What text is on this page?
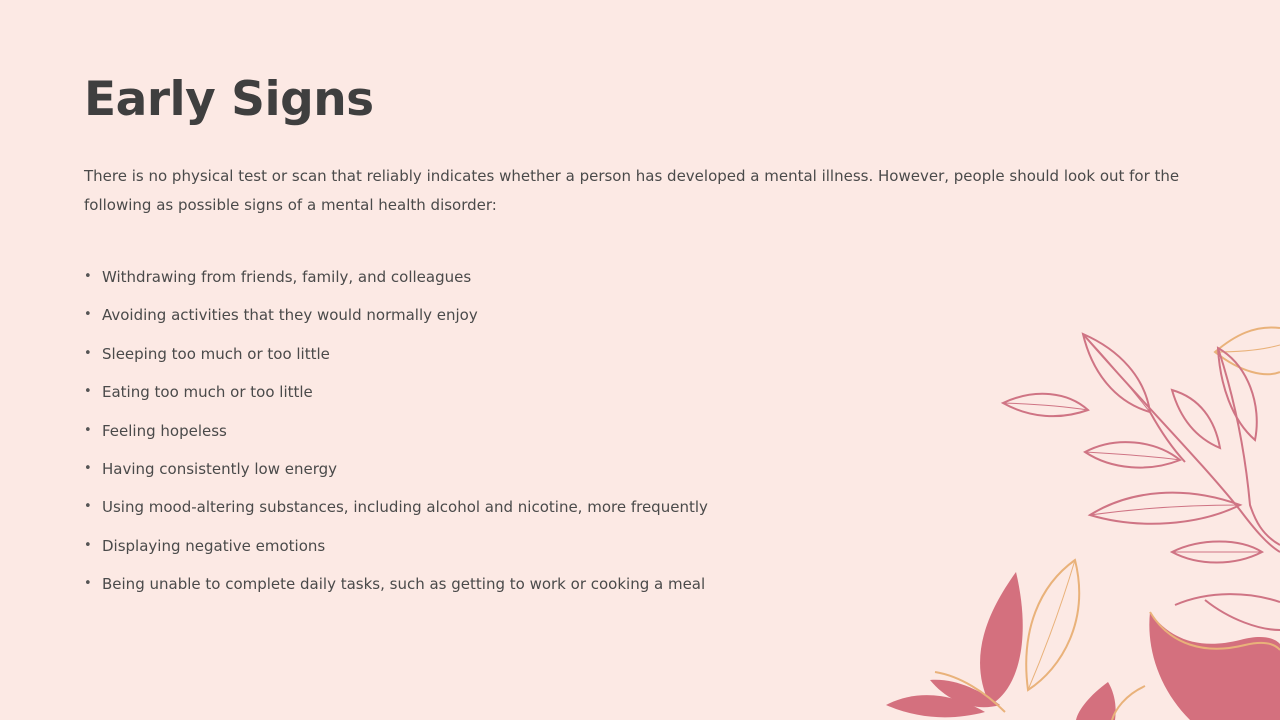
Early Signs

There is no physical test or scan that reliably indicates whether a person has developed a mental illness. However, people should look out for the following as possible signs of a mental health disorder:

• Withdrawing from friends, family, and colleagues
• Avoiding activities that they would normally enjoy
• Sleeping too much or too little
• Eating too much or too little
• Feeling hopeless
• Having consistently low energy
• Using mood-altering substances, including alcohol and nicotine, more frequently
• Displaying negative emotions
• Being unable to complete daily tasks, such as getting to work or cooking a meal
